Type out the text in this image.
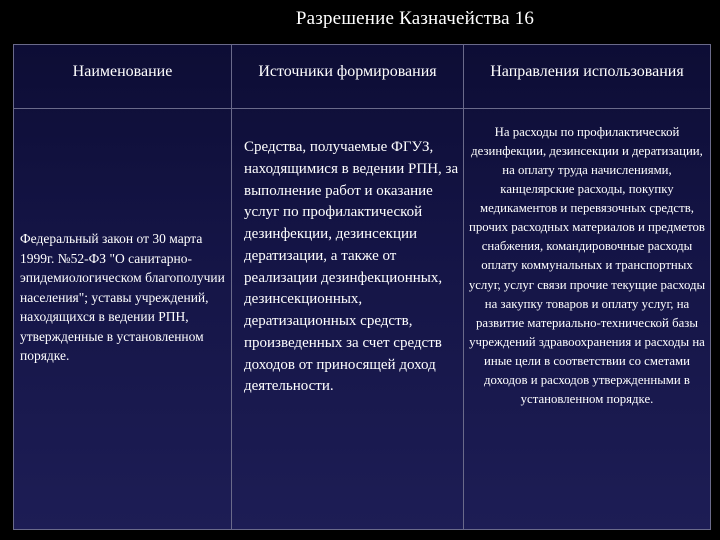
Разрешение Казначейства 16
Наименование	Источники формирования	Направления использования
Федеральный закон от 30 марта 1999г. №52-ФЗ "О санитарно-эпидемиологическом благополучии населения"; уставы учреждений, находящихся в ведении РПН, утвержденные в установленном порядке.
Средства, получаемые ФГУЗ, находящимися в ведении РПН, за выполнение работ и оказание услуг по профилактической дезинфекции, дезинсекции дератизации, а также от реализации дезинфекционных, дезинсекционных, дератизационных средств, произведенных за счет средств доходов от приносящей доход деятельности.
На расходы по профилактической дезинфекции, дезинсекции и дератизации, на оплату труда начислениями, канцелярские расходы, покупку медикаментов и перевязочных средств, прочих расходных материалов и предметов снабжения, командировочные расходы оплату коммунальных и транспортных услуг, услуг связи прочие текущие расходы на закупку товаров и оплату услуг, на развитие материально-технической базы учреждений здравоохранения и расходы на иные цели в соответствии со сметами доходов и расходов утвержденными в установленном порядке.
